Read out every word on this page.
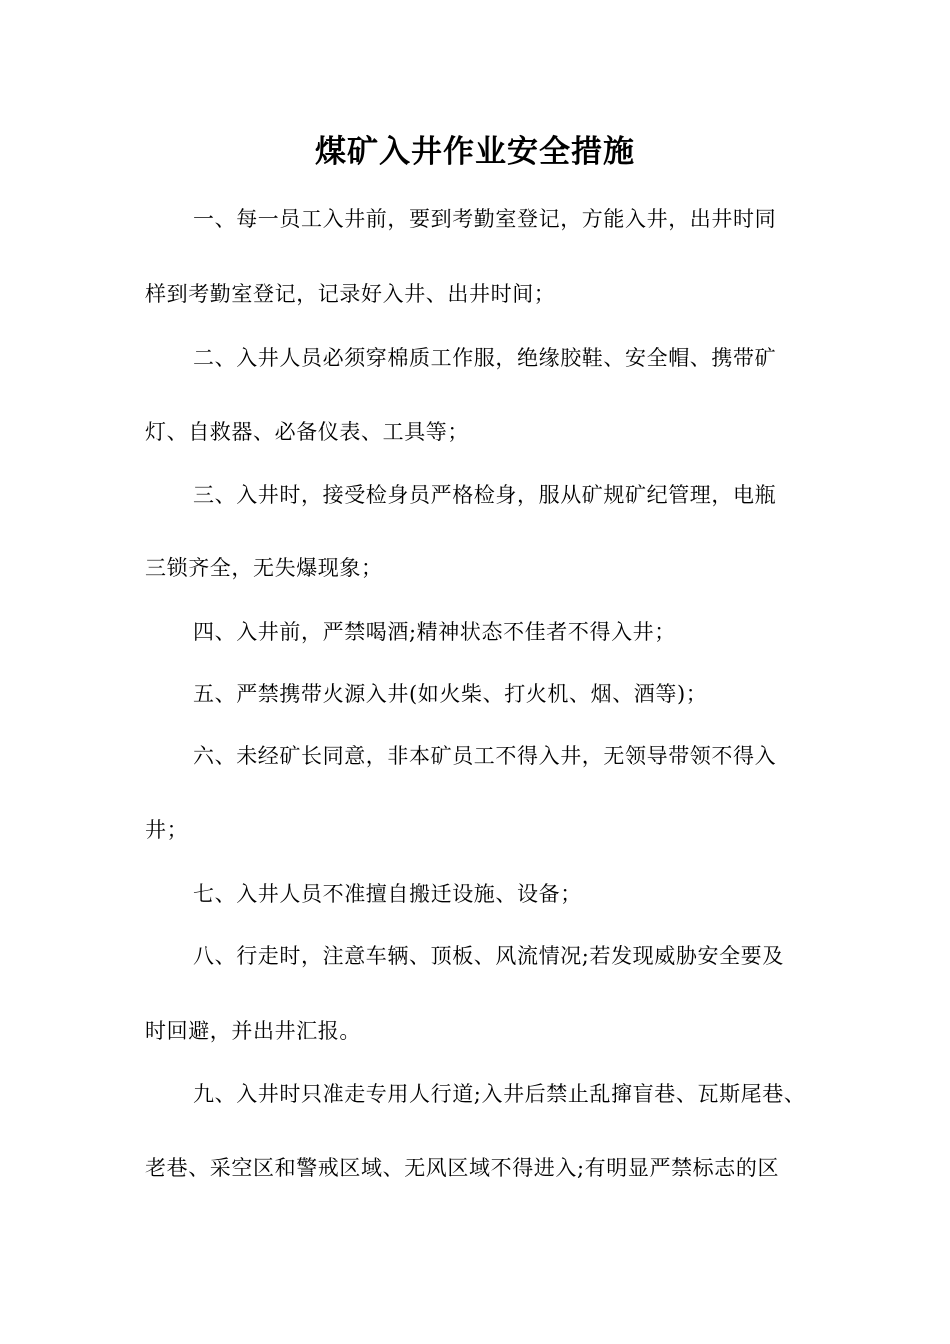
煤矿入井作业安全措施
一、每一员工入井前，要到考勤室登记，方能入井，出井时同
样到考勤室登记，记录好入井、出井时间；
二、入井人员必须穿棉质工作服，绝缘胶鞋、安全帽、携带矿
灯、自救器、必备仪表、工具等；
三、入井时，接受检身员严格检身，服从矿规矿纪管理，电瓶
三锁齐全，无失爆现象；
四、入井前，严禁喝酒;精神状态不佳者不得入井；
五、严禁携带火源入井(如火柴、打火机、烟、酒等)；
六、未经矿长同意，非本矿员工不得入井，无领导带领不得入
井；
七、入井人员不准擅自搬迁设施、设备；
八、行走时，注意车辆、顶板、风流情况;若发现威胁安全要及
时回避，并出井汇报。
九、入井时只准走专用人行道;入井后禁止乱撺盲巷、瓦斯尾巷、
老巷、采空区和警戒区域、无风区域不得进入;有明显严禁标志的区
